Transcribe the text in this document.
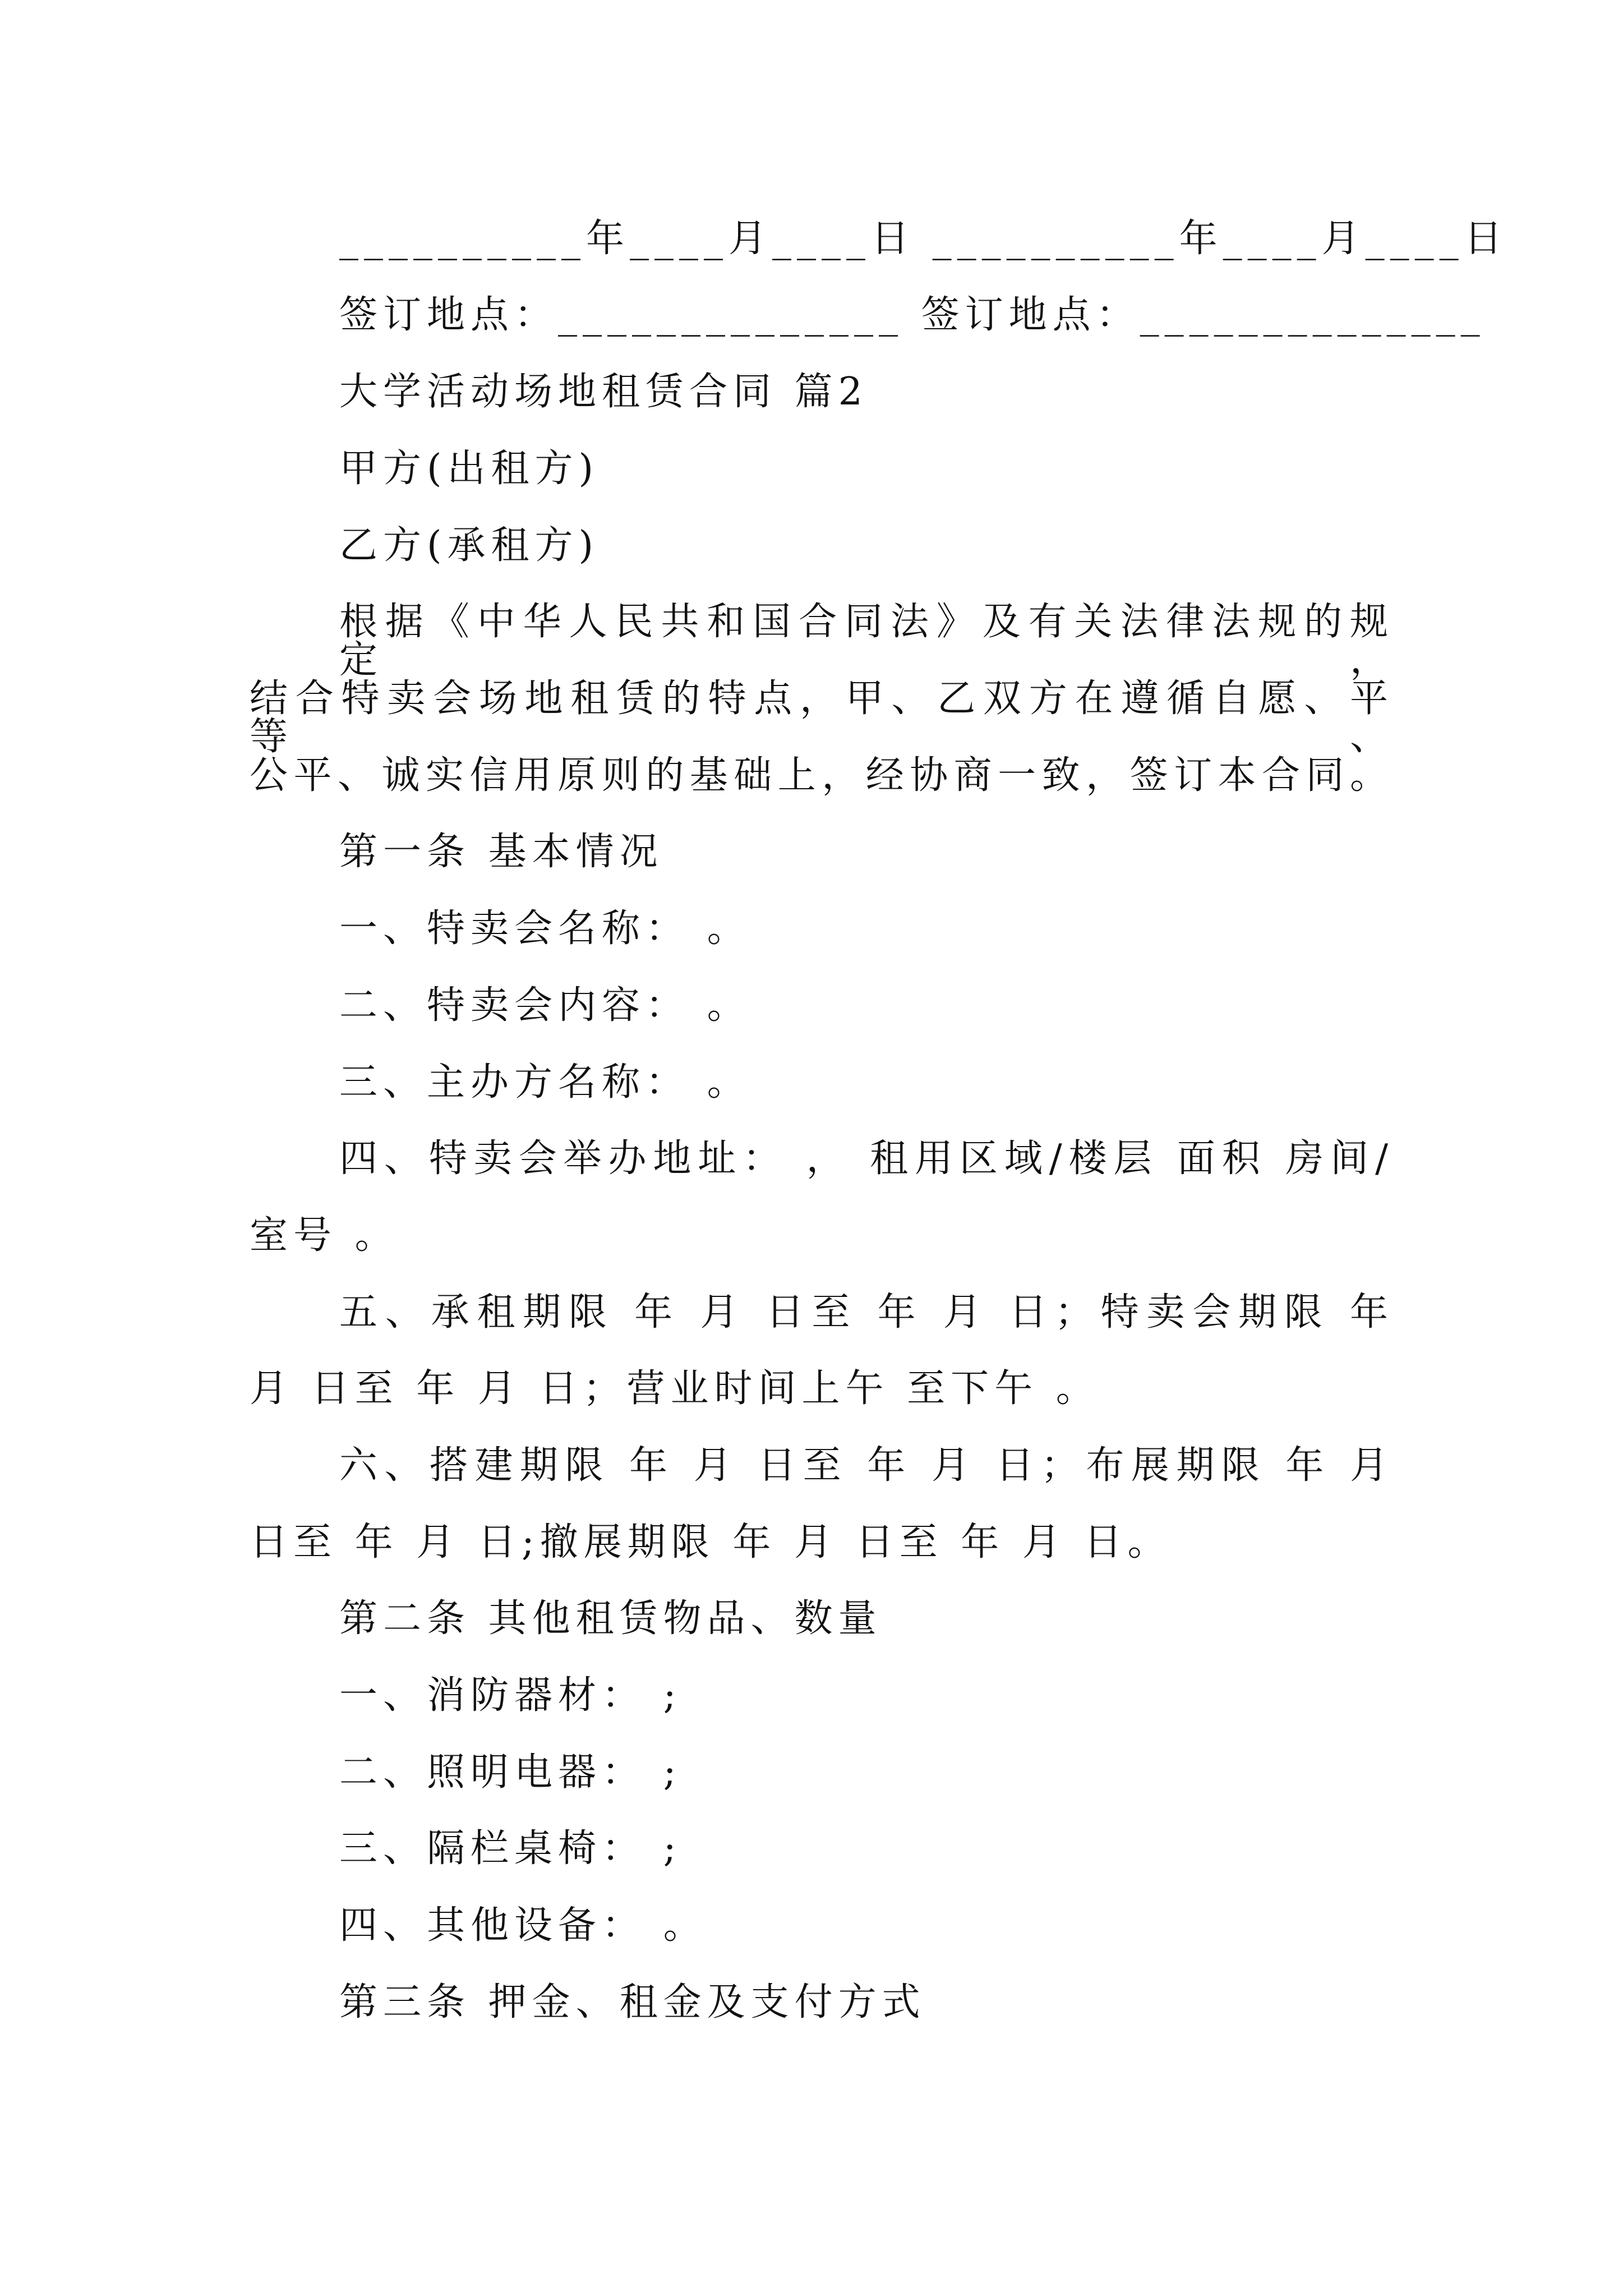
__________年____月____日 __________年____月____日
签订地点：______________ 签订地点：______________
大学活动场地租赁合同 篇2
甲方(出租方)
乙方(承租方)
根据《中华人民共和国合同法》及有关法律法规的规定，
结合特卖会场地租赁的特点，甲、乙双方在遵循自愿、平等、
公平、诚实信用原则的基础上，经协商一致，签订本合同。
第一条 基本情况
一、特卖会名称： 。
二、特卖会内容： 。
三、主办方名称： 。
四、特卖会举办地址： ， 租用区域/楼层 面积 房间/
室号 。
五、承租期限 年 月 日至 年 月 日；特卖会期限 年
月 日至 年 月 日；营业时间上午 至下午 。
六、搭建期限 年 月 日至 年 月 日；布展期限 年 月
日至 年 月 日;撤展期限 年 月 日至 年 月 日。
第二条 其他租赁物品、数量
一、消防器材： ;
二、照明电器： ;
三、隔栏桌椅： ;
四、其他设备： 。
第三条 押金、租金及支付方式
